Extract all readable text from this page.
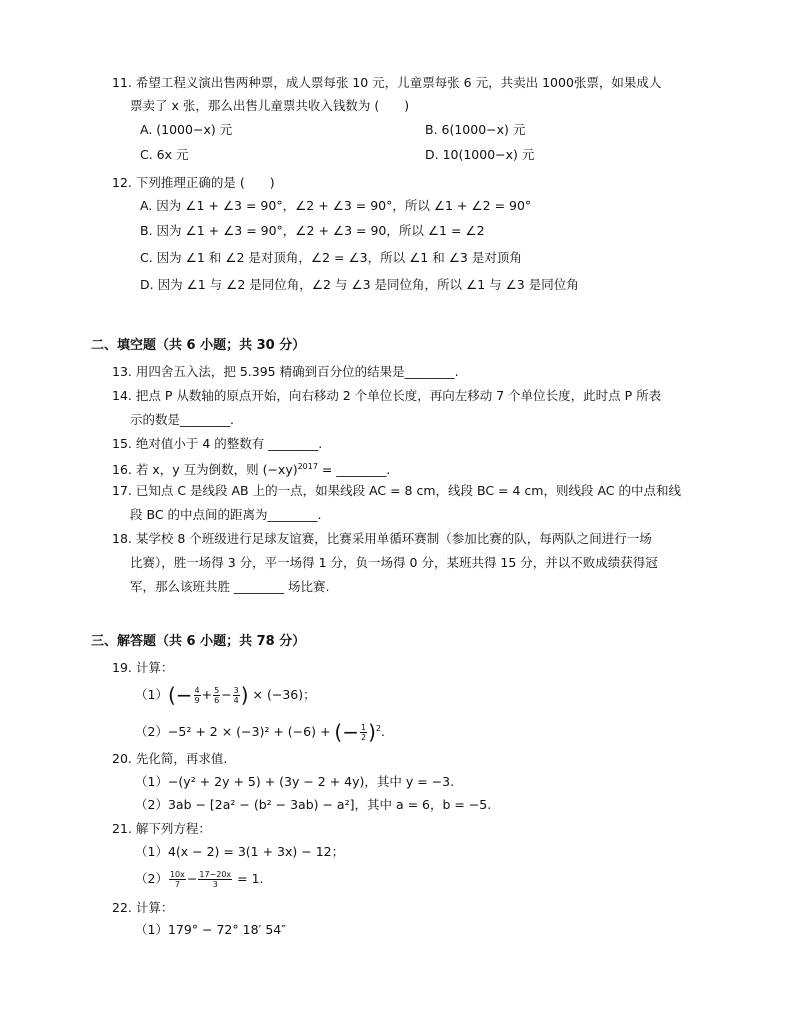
11. 希望工程义演出售两种票，成人票每张 10 元，儿童票每张 6 元，共卖出 1000张票，如果成人
票卖了 x 张，那么出售儿童票共收入钱数为 (　　)
A. (1000−x) 元	B. 6(1000−x) 元
C. 6x 元	D. 10(1000−x) 元
12. 下列推理正确的是 (　　)
A. 因为 ∠1 + ∠3 = 90°，∠2 + ∠3 = 90°，所以 ∠1 + ∠2 = 90°
B. 因为 ∠1 + ∠3 = 90°，∠2 + ∠3 = 90，所以 ∠1 = ∠2
C. 因为 ∠1 和 ∠2 是对顶角，∠2 = ∠3，所以 ∠1 和 ∠3 是对顶角
D. 因为 ∠1 与 ∠2 是同位角，∠2 与 ∠3 是同位角，所以 ∠1 与 ∠3 是同位角
二、填空题（共 6 小题；共 30 分）
13. 用四舍五入法，把 5.395 精确到百分位的结果是________.
14. 把点 P 从数轴的原点开始，向右移动 2 个单位长度，再向左移动 7 个单位长度，此时点 P 所表
示的数是________.
15. 绝对值小于 4 的整数有 ________.
16. 若 x，y 互为倒数，则 $(-xy)^{2017}$ = ________.
17. 已知点 C 是线段 AB 上的一点，如果线段 AC = 8 cm，线段 BC = 4 cm，则线段 AC 的中点和线
段 BC 的中点间的距离为________.
18. 某学校 8 个班级进行足球友谊赛，比赛采用单循环赛制（参加比赛的队，每两队之间进行一场
比赛），胜一场得 3 分，平一场得 1 分，负一场得 0 分，某班共得 15 分，并以不败成绩获得冠
军，那么该班共胜 ________ 场比赛.
三、解答题（共 6 小题；共 78 分）
19. 计算：
$(1)(- \frac{4}{9} + \frac{5}{6} - \frac{3}{4}$ ) × (−36)；
（2）−5² + 2 × (−3)² + (−6) + (− $\frac{1}{2} )^2$.
20. 先化简，再求值.
（1）−(y² + 2y + 5) + (3y − 2 + 4y)，其中 y = −3.
（2）3ab − [2a² − (b² − 3ab) − a²]，其中 a = 6，b = −5.
21. 解下列方程：
（1）4(x − 2) = 3(1 + 3x) − 12；
$(2) \frac{10x}{7} - \frac{17-20x}{3} = 1$.
22. 计算：
（1）179° − 72° 18′ 54″
